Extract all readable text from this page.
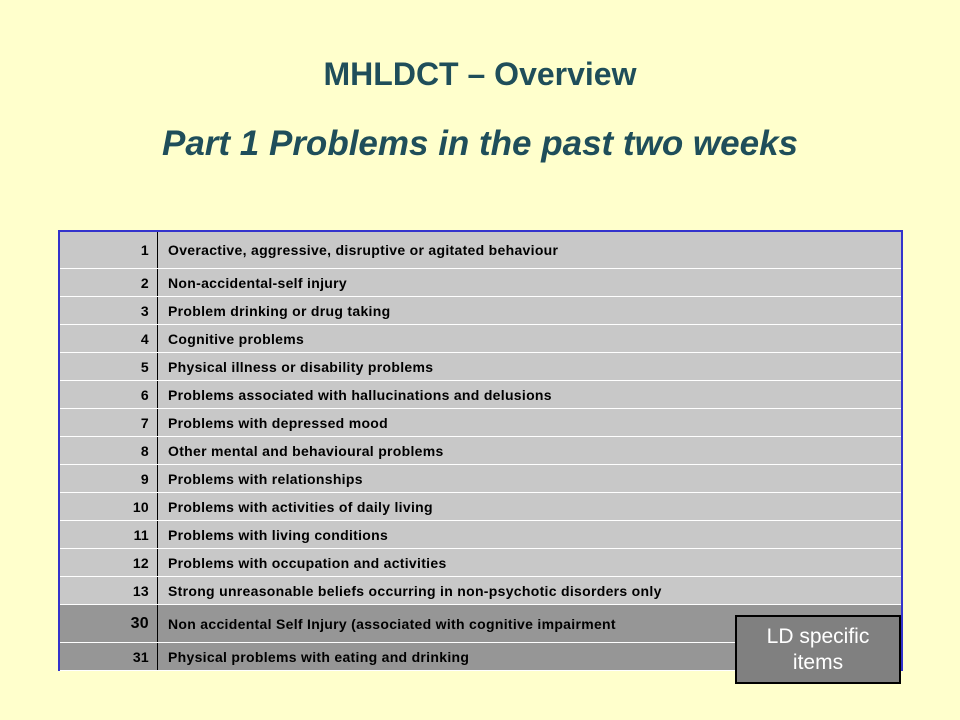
MHLDCT – Overview
Part 1 Problems in the past two weeks
1	Overactive, aggressive, disruptive or agitated behaviour
2	Non-accidental-self injury
3	Problem drinking or drug taking
4	Cognitive problems
5	Physical illness or disability problems
6	Problems associated with hallucinations and delusions
7	Problems with depressed mood
8	Other mental and behavioural problems
9	Problems with relationships
10	Problems with activities of daily living
11	Problems with living conditions
12	Problems with occupation and activities
13	Strong unreasonable beliefs occurring in non-psychotic disorders only
30	Non accidental Self Injury (associated with cognitive impairment
31	Physical problems with eating and drinking
LD specific items
